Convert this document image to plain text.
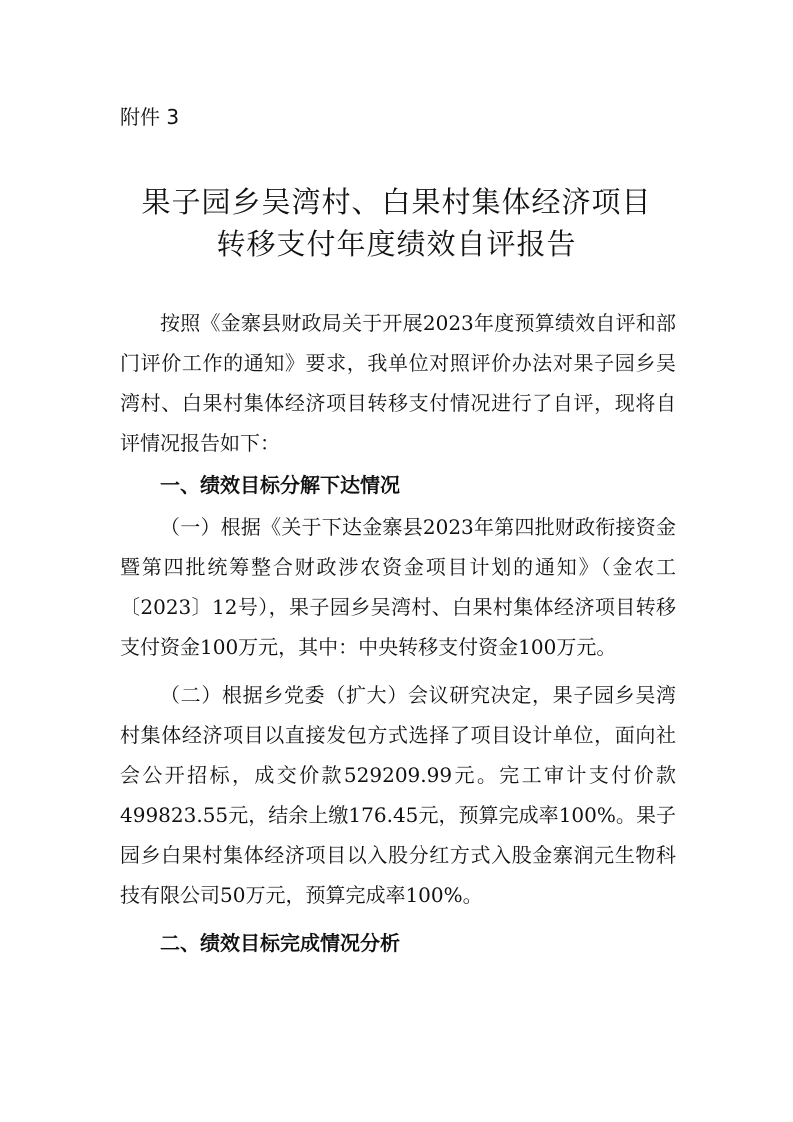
附件 3
果子园乡吴湾村、白果村集体经济项目
转移支付年度绩效自评报告

按照《金寨县财政局关于开展2023年度预算绩效自评和部门评价工作的通知》要求，我单位对照评价办法对果子园乡吴湾村、白果村集体经济项目转移支付情况进行了自评，现将自评情况报告如下：

一、绩效目标分解下达情况

（一）根据《关于下达金寨县2023年第四批财政衔接资金暨第四批统筹整合财政涉农资金项目计划的通知》（金农工〔2023〕12号），果子园乡吴湾村、白果村集体经济项目转移支付资金100万元，其中：中央转移支付资金100万元。

（二）根据乡党委（扩大）会议研究决定，果子园乡吴湾村集体经济项目以直接发包方式选择了项目设计单位，面向社会公开招标，成交价款529209.99元。完工审计支付价款499823.55元，结余上缴176.45元，预算完成率100%。果子园乡白果村集体经济项目以入股分红方式入股金寨润元生物科技有限公司50万元，预算完成率100%。

二、绩效目标完成情况分析
